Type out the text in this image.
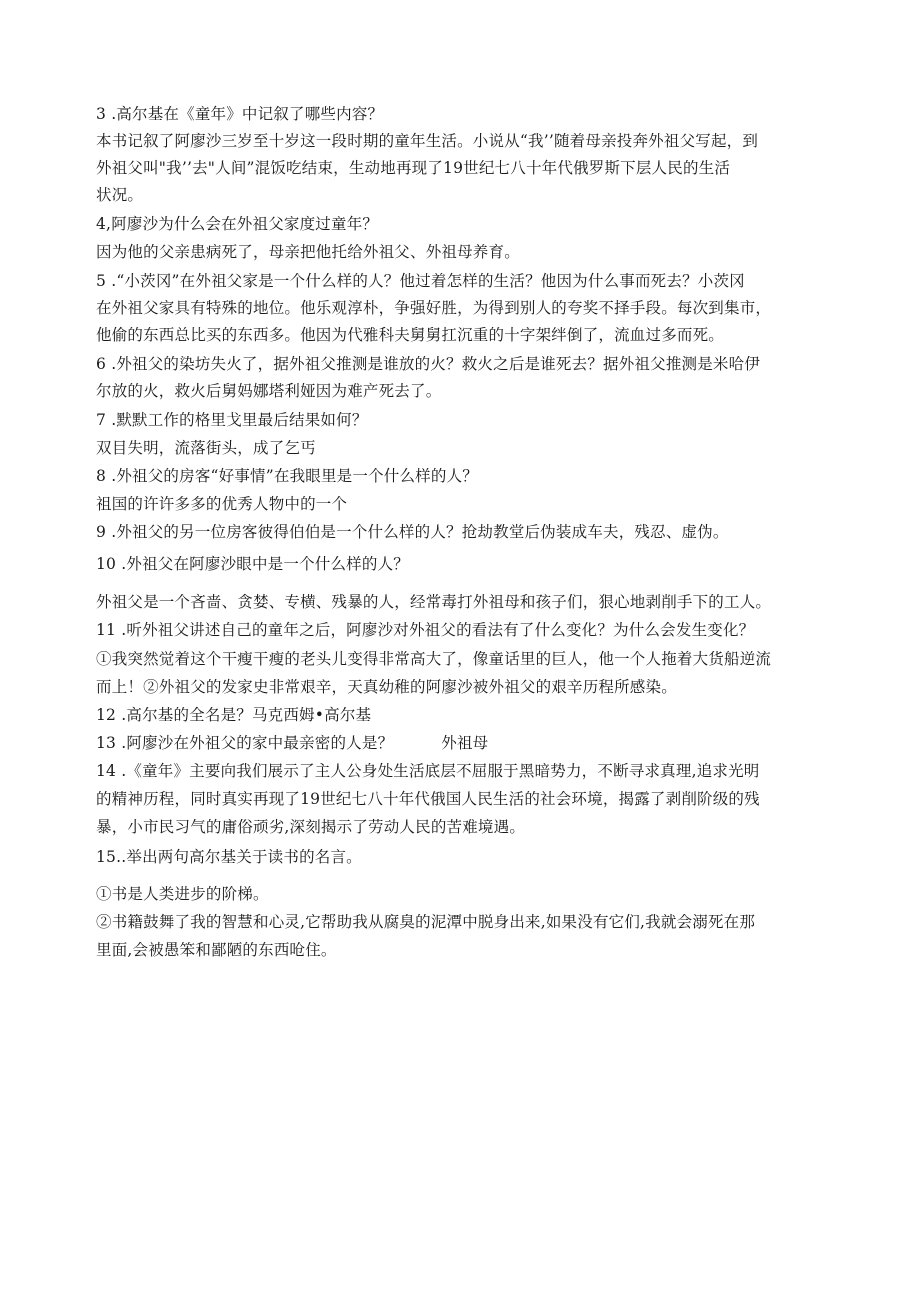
3 .高尔基在《童年》中记叙了哪些内容？
本书记叙了阿廖沙三岁至十岁这一段时期的童年生活。小说从“我’’随着母亲投奔外祖父写起，到
外祖父叫"我’’去"人间”混饭吃结束，生动地再现了19世纪七八十年代俄罗斯下层人民的生活
状况。
4,阿廖沙为什么会在外祖父家度过童年？
因为他的父亲患病死了，母亲把他托给外祖父、外祖母养育。
5 .“小茨冈”在外祖父家是一个什么样的人？他过着怎样的生活？他因为什么事而死去？小茨冈
在外祖父家具有特殊的地位。他乐观淳朴，争强好胜，为得到别人的夸奖不择手段。每次到集市，
他偷的东西总比买的东西多。他因为代雅科夫舅舅扛沉重的十字架绊倒了，流血过多而死。
6 .外祖父的染坊失火了，据外祖父推测是谁放的火？救火之后是谁死去？据外祖父推测是米哈伊
尔放的火，救火后舅妈娜塔利娅因为难产死去了。
7 .默默工作的格里戈里最后结果如何？
双目失明，流落街头，成了乞丐
8 .外祖父的房客“好事情”在我眼里是一个什么样的人？
祖国的许许多多的优秀人物中的一个
9 .外祖父的另一位房客彼得伯伯是一个什么样的人？抢劫教堂后伪装成车夫，残忍、虚伪。
10 .外祖父在阿廖沙眼中是一个什么样的人？
外祖父是一个吝啬、贪婪、专横、残暴的人，经常毒打外祖母和孩子们，狠心地剥削手下的工人。
11 .听外祖父讲述自己的童年之后，阿廖沙对外祖父的看法有了什么变化？为什么会发生变化？
①我突然觉着这个干瘦干瘦的老头儿变得非常高大了，像童话里的巨人，他一个人拖着大货船逆流
而上！②外祖父的发家史非常艰辛，天真幼稚的阿廖沙被外祖父的艰辛历程所感染。
12 .高尔基的全名是？马克西姆•高尔基
13 .阿廖沙在外祖父的家中最亲密的人是？	外祖母
14 .《童年》主要向我们展示了主人公身处生活底层不屈服于黑暗势力，不断寻求真理,追求光明
的精神历程，同时真实再现了19世纪七八十年代俄国人民生活的社会环境，揭露了剥削阶级的残
暴，小市民习气的庸俗顽劣,深刻揭示了劳动人民的苦难境遇。
15..举出两句高尔基关于读书的名言。
①书是人类进步的阶梯。
②书籍鼓舞了我的智慧和心灵,它帮助我从腐臭的泥潭中脱身出来,如果没有它们,我就会溺死在那
里面,会被愚笨和鄙陋的东西呛住。
